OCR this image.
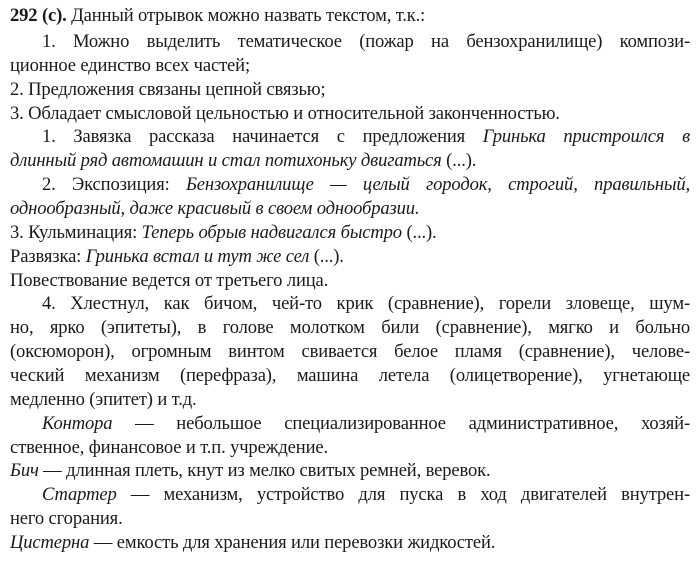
292 (с). Данный отрывок можно назвать текстом, т.к.:
1. Можно выделить тематическое (пожар на бензохранилище) компози-
ционное единство всех частей;
2. Предложения связаны цепной связью;
3. Обладает смысловой цельностью и относительной законченностью.
1. Завязка рассказа начинается с предложения Гринька пристроился в
длинный ряд автомашин и стал потихоньку двигаться (...).
2. Экспозиция: Бензохранилище — целый городок, строгий, правильный,
однообразный, даже красивый в своем однообразии.
3. Кульминация: Теперь обрыв надвигался быстро (...).
Развязка: Гринька встал и тут же сел (...).
Повествование ведется от третьего лица.
4. Хлестнул, как бичом, чей-то крик (сравнение), горели зловеще, шум-
но, ярко (эпитеты), в голове молотком били (сравнение), мягко и больно
(оксюморон), огромным винтом свивается белое пламя (сравнение), челове-
ческий механизм (перефраза), машина летела (олицетворение), угнетающе
медленно (эпитет) и т.д.
Контора — небольшое специализированное административное, хозяй-
ственное, финансовое и т.п. учреждение.
Бич — длинная плеть, кнут из мелко свитых ремней, веревок.
Стартер — механизм, устройство для пуска в ход двигателей внутрен-
него сгорания.
Цистерна — емкость для хранения или перевозки жидкостей.
